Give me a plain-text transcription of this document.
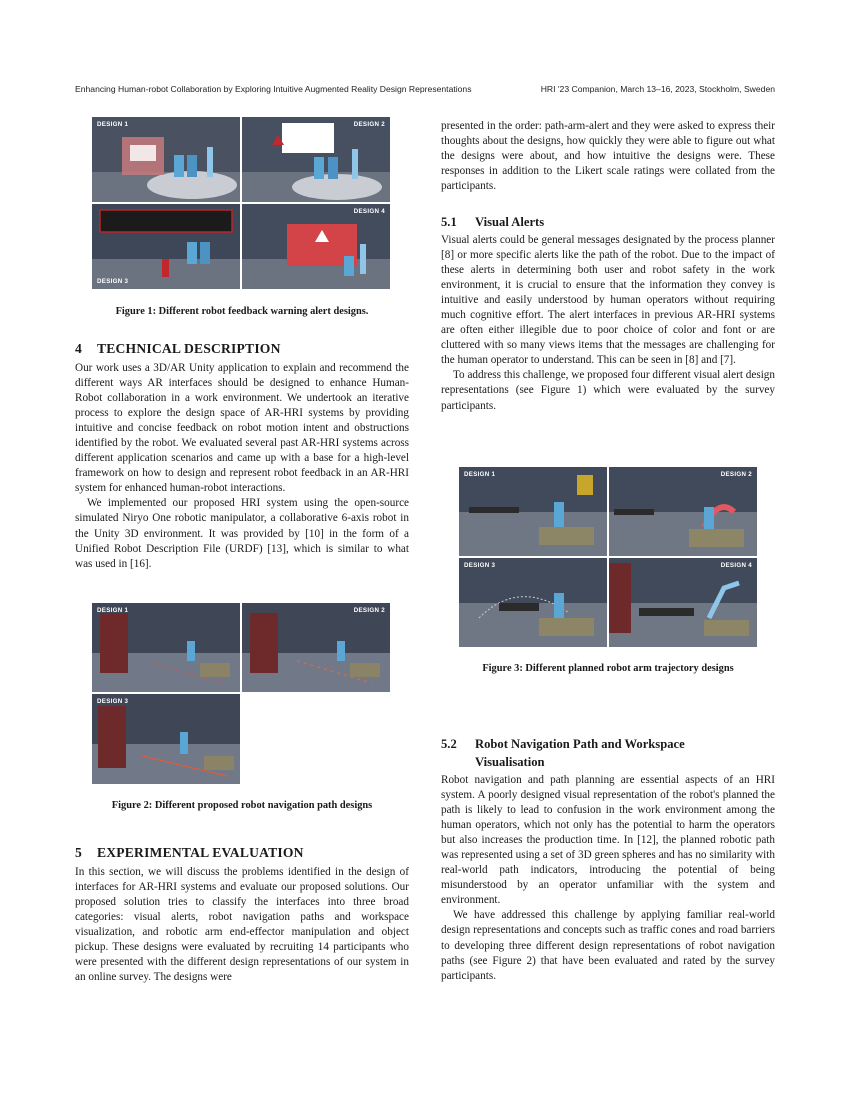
Enhancing Human-robot Collaboration by Exploring Intuitive Augmented Reality Design Representations	HRI '23 Companion, March 13–16, 2023, Stockholm, Sweden
DESIGN 1	DESIGN 2
DESIGN 3
DESIGN 4

Figure 1: Different robot feedback warning alert designs.

4 TECHNICAL DESCRIPTION

Our work uses a 3D/AR Unity application to explain and recommend the different ways AR interfaces should be designed to enhance Human-Robot collaboration in a work environment. We undertook an iterative process to explore the design space of AR-HRI systems by providing intuitive and concise feedback on robot motion intent and obstructions identified by the robot. We evaluated several past AR-HRI systems across different application scenarios and came up with a base for a high-level framework on how to design and represent robot feedback in an AR-HRI system for enhanced human-robot interactions.

We implemented our proposed HRI system using the open-source simulated Niryo One robotic manipulator, a collaborative 6-axis robot in the Unity 3D environment. It was provided by [10] in the form of a Unified Robot Description File (URDF) [13], which is similar to what was used in [16].

DESIGN 1	DESIGN 2
DESIGN 3

Figure 2: Different proposed robot navigation path designs

5 EXPERIMENTAL EVALUATION

In this section, we will discuss the problems identified in the design of interfaces for AR-HRI systems and evaluate our proposed solutions. Our proposed solution tries to classify the interfaces into three broad categories: visual alerts, robot navigation paths and workspace visualization, and robotic arm end-effector manipulation and object pickup. These designs were evaluated by recruiting 14 participants who were presented with the different design representations of our system in an online survey. The designs were

presented in the order: path-arm-alert and they were asked to express their thoughts about the designs, how quickly they were able to figure out what the designs were about, and how intuitive the designs were. These responses in addition to the Likert scale ratings were collated from the participants.

5.1 Visual Alerts

Visual alerts could be general messages designated by the process planner [8] or more specific alerts like the path of the robot. Due to the impact of these alerts in determining both user and robot safety in the work environment, it is crucial to ensure that the information they convey is intuitive and easily understood by human operators without requiring much cognitive effort. The alert interfaces in previous AR-HRI systems are often either illegible due to poor choice of color and font or are cluttered with so many views items that the messages are challenging for the human operator to understand. This can be seen in [8] and [7].

To address this challenge, we proposed four different visual alert design representations (see Figure 1) which were evaluated by the survey participants.

DESIGN 1	DESIGN 2
DESIGN 3	DESIGN 4

Figure 3: Different planned robot arm trajectory designs

5.2 Robot Navigation Path and Workspace
Visualisation

Robot navigation and path planning are essential aspects of an HRI system. A poorly designed visual representation of the robot's planned the path is likely to lead to confusion in the work environment among the human operators, which not only has the potential to harm the operators but also increases the production time. In [12], the planned robotic path was represented using a set of 3D green spheres and has no similarity with real-world path indicators, introducing the potential of being misunderstood by an operator unfamiliar with the system and environment.

We have addressed this challenge by applying familiar real-world design representations and concepts such as traffic cones and road barriers to developing three different design representations of robot navigation paths (see Figure 2) that have been evaluated and rated by the survey participants.
